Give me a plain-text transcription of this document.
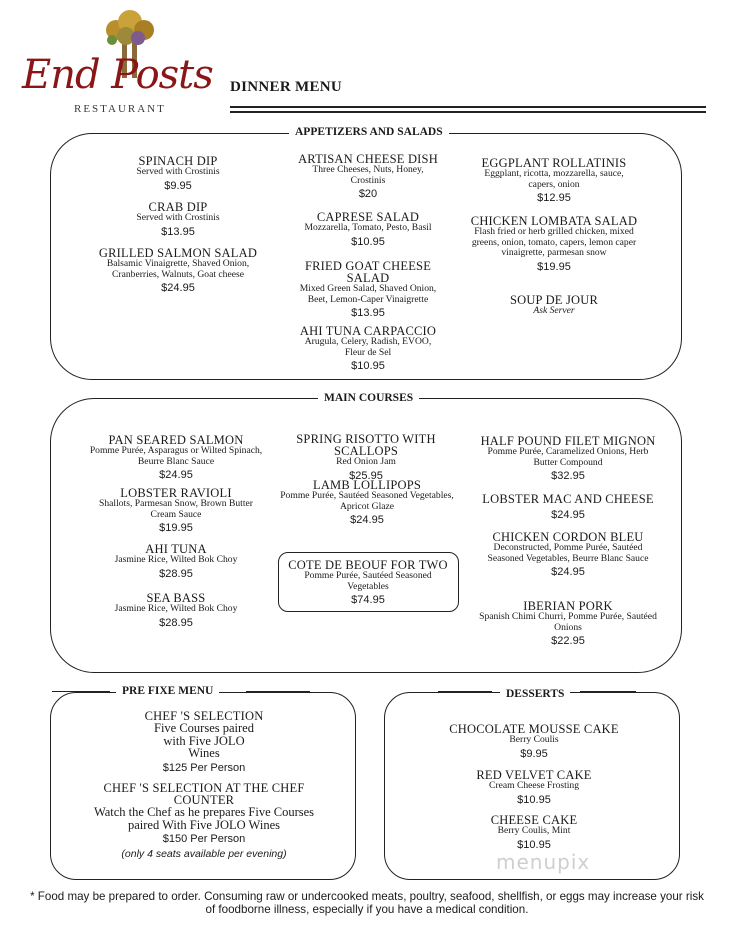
End Posts
RESTAURANT
DINNER MENU
APPETIZERS AND SALADS
SPINACH DIP
Served with Crostinis
$9.95
CRAB DIP
Served with Crostinis
$13.95
GRILLED SALMON SALAD
Balsamic Vinaigrette, Shaved Onion, Cranberries, Walnuts, Goat cheese
$24.95
ARTISAN CHEESE DISH
Three Cheeses, Nuts, Honey, Crostinis
$20
CAPRESE SALAD
Mozzarella, Tomato, Pesto, Basil
$10.95
FRIED GOAT CHEESE SALAD
Mixed Green Salad, Shaved Onion, Beet, Lemon-Caper Vinaigrette
$13.95
AHI TUNA CARPACCIO
Arugula, Celery, Radish, EVOO, Fleur de Sel
$10.95
EGGPLANT ROLLATINIS
Eggplant, ricotta, mozzarella, sauce, capers, onion
$12.95
CHICKEN LOMBATA SALAD
Flash fried or herb grilled chicken, mixed greens, onion, tomato, capers, lemon caper vinaigrette, parmesan snow
$19.95
SOUP DE JOUR
Ask Server
MAIN COURSES
PAN SEARED SALMON
Pomme Purée, Asparagus or Wilted Spinach, Beurre Blanc Sauce
$24.95
LOBSTER RAVIOLI
Shallots, Parmesan Snow, Brown Butter Cream Sauce
$19.95
AHI TUNA
Jasmine Rice, Wilted Bok Choy
$28.95
SEA BASS
Jasmine Rice, Wilted Bok Choy
$28.95
SPRING RISOTTO WITH SCALLOPS
Red Onion Jam
$25.95
LAMB LOLLIPOPS
Pomme Purée, Sautéed Seasoned Vegetables, Apricot Glaze
$24.95
COTE DE BEOUF FOR TWO
Pomme Purée, Sautéed Seasoned Vegetables
$74.95
HALF POUND FILET MIGNON
Pomme Purée, Caramelized Onions, Herb Butter Compound
$32.95
LOBSTER MAC AND CHEESE
$24.95
CHICKEN CORDON BLEU
Deconstructed, Pomme Purée, Sautéed Seasoned Vegetables, Beurre Blanc Sauce
$24.95
IBERIAN PORK
Spanish Chimi Churri, Pomme Purée, Sautéed Onions
$22.95
PRE FIXE MENU
CHEF 'S SELECTION
Five Courses paired with Five JOLO Wines
$125 Per Person
CHEF 'S SELECTION AT THE CHEF COUNTER
Watch the Chef as he prepares Five Courses paired With Five JOLO Wines
$150 Per Person
(only 4 seats available per evening)
DESSERTS
CHOCOLATE MOUSSE CAKE
Berry Coulis
$9.95
RED VELVET CAKE
Cream Cheese Frosting
$10.95
CHEESE CAKE
Berry Coulis, Mint
$10.95
menupix
* Food may be prepared to order. Consuming raw or undercooked meats, poultry, seafood, shellfish, or eggs may increase your risk of foodborne illness, especially if you have a medical condition.
